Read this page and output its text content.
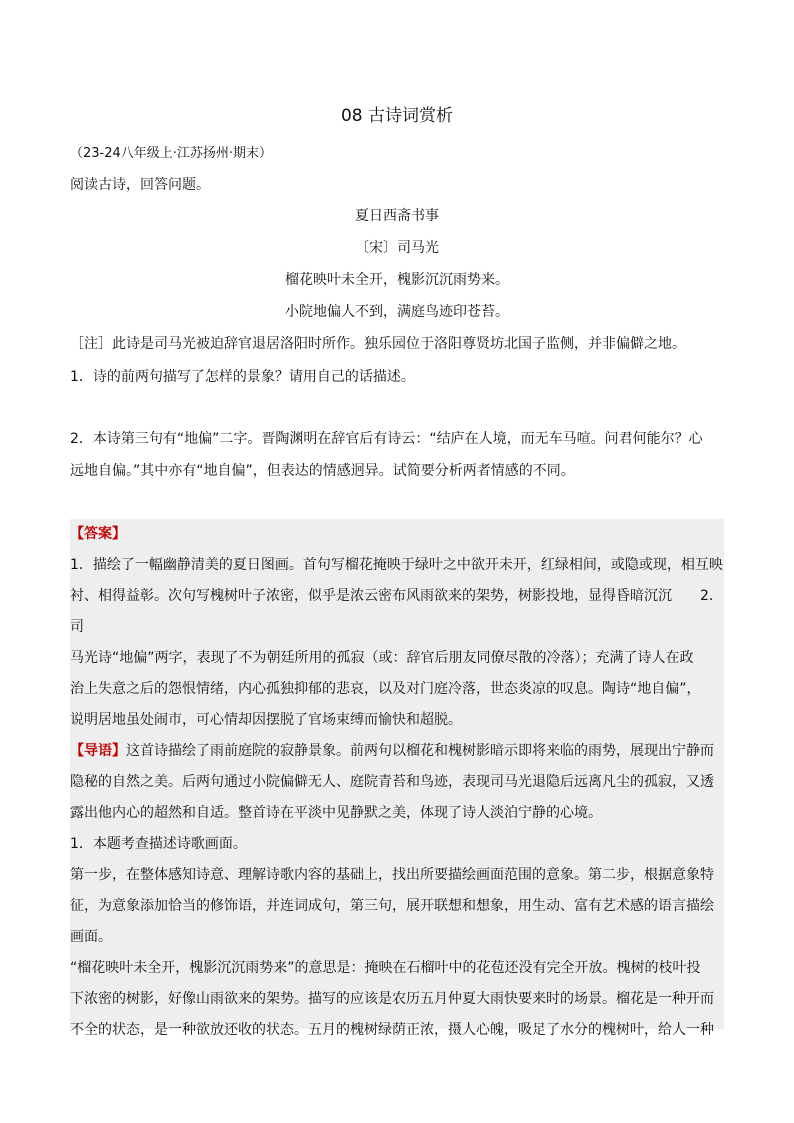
08 古诗词赏析
（23-24八年级上·江苏扬州·期末）
阅读古诗，回答问题。
夏日西斋书事
〔宋〕司马光
榴花映叶未全开，槐影沉沉雨势来。
小院地偏人不到，满庭鸟迹印苍苔。
［注］此诗是司马光被迫辞官退居洛阳时所作。独乐园位于洛阳尊贤坊北国子监侧，并非偏僻之地。
1．诗的前两句描写了怎样的景象？请用自己的话描述。
2．本诗第三句有“地偏”二字。晋陶渊明在辞官后有诗云：“结庐在人境，而无车马喧。问君何能尔？心
远地自偏。”其中亦有“地自偏”，但表达的情感迥异。试简要分析两者情感的不同。
【答案】
1．描绘了一幅幽静清美的夏日图画。首句写榴花掩映于绿叶之中欲开未开，红绿相间，或隐或现，相互映
衬、相得益彰。次句写槐树叶子浓密，似乎是浓云密布风雨欲来的架势，树影投地，显得昏暗沉沉　　2．司
马光诗“地偏”两字，表现了不为朝廷所用的孤寂（或：辞官后朋友同僚尽散的冷落）；充满了诗人在政
治上失意之后的怨恨情绪，内心孤独抑郁的悲哀，以及对门庭冷落，世态炎凉的叹息。陶诗“地自偏”，
说明居地虽处闹市，可心情却因摆脱了官场束缚而愉快和超脱。
【导语】这首诗描绘了雨前庭院的寂静景象。前两句以榴花和槐树影暗示即将来临的雨势，展现出宁静而
隐秘的自然之美。后两句通过小院偏僻无人、庭院青苔和鸟迹，表现司马光退隐后远离凡尘的孤寂，又透
露出他内心的超然和自适。整首诗在平淡中见静默之美，体现了诗人淡泊宁静的心境。
1．本题考查描述诗歌画面。
第一步，在整体感知诗意、理解诗歌内容的基础上，找出所要描绘画面范围的意象。第二步，根据意象特
征，为意象添加恰当的修饰语，并连词成句，第三句，展开联想和想象，用生动、富有艺术感的语言描绘
画面。
“榴花映叶未全开，槐影沉沉雨势来”的意思是：掩映在石榴叶中的花苞还没有完全开放。槐树的枝叶投
下浓密的树影，好像山雨欲来的架势。描写的应该是农历五月仲夏大雨快要来时的场景。榴花是一种开而
不全的状态，是一种欲放还收的状态。五月的槐树绿荫正浓，摄人心魄，吸足了水分的槐树叶，给人一种
